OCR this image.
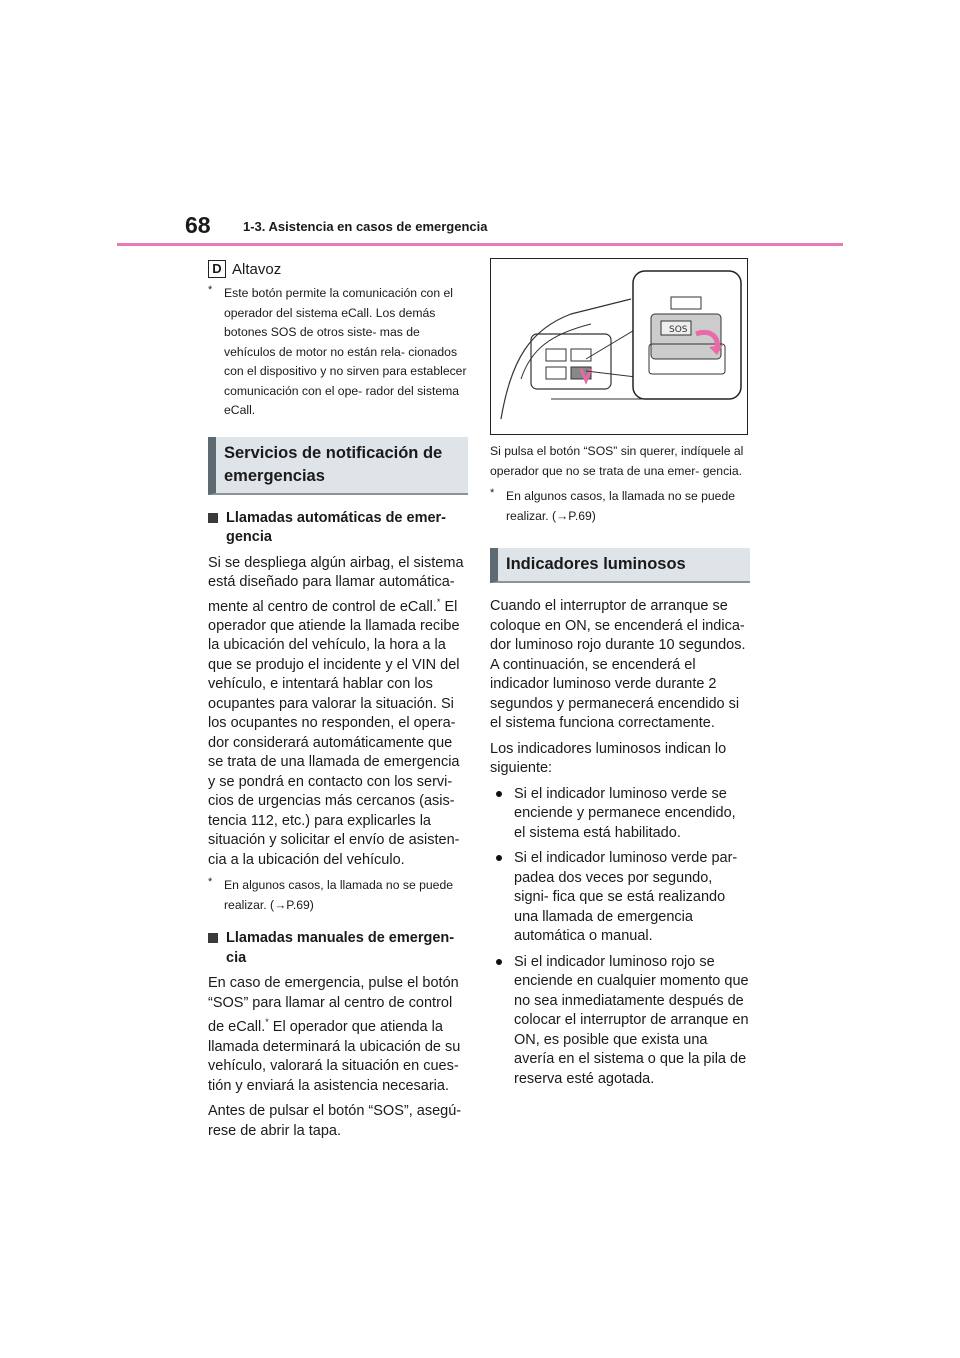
68 1-3. Asistencia en casos de emergencia
D Altavoz
* Este botón permite la comunicación con el operador del sistema eCall. Los demás botones SOS de otros siste- mas de vehículos de motor no están rela- cionados con el dispositivo y no sirven para establecer comunicación con el ope- rador del sistema eCall.
Servicios de notificación de emergencias
Llamadas automáticas de emer- gencia
Si se despliega algún airbag, el sistema está diseñado para llamar automática- mente al centro de control de eCall.* El operador que atiende la llamada recibe la ubicación del vehículo, la hora a la que se produjo el incidente y el VIN del vehículo, e intentará hablar con los ocupantes para valorar la situación. Si los ocupantes no responden, el opera- dor considerará automáticamente que se trata de una llamada de emergencia y se pondrá en contacto con los servi- cios de urgencias más cercanos (asis- tencia 112, etc.) para explicarles la situación y solicitar el envío de asisten- cia a la ubicación del vehículo.
* En algunos casos, la llamada no se puede realizar. (→P.69)
Llamadas manuales de emergen- cia
En caso de emergencia, pulse el botón “SOS” para llamar al centro de control de eCall.* El operador que atienda la llamada determinará la ubicación de su vehículo, valorará la situación en cues- tión y enviará la asistencia necesaria.
Antes de pulsar el botón “SOS”, asegú- rese de abrir la tapa.
SOS
Si pulsa el botón “SOS” sin querer, indíquele al operador que no se trata de una emer- gencia.
* En algunos casos, la llamada no se puede realizar. (→P.69)
Indicadores luminosos
Cuando el interruptor de arranque se coloque en ON, se encenderá el indica- dor luminoso rojo durante 10 segundos. A continuación, se encenderá el indicador luminoso verde durante 2 segundos y permanecerá encendido si el sistema funciona correctamente.
Los indicadores luminosos indican lo siguiente:
Si el indicador luminoso verde se enciende y permanece encendido, el sistema está habilitado.
Si el indicador luminoso verde par- padea dos veces por segundo, signi- fica que se está realizando una llamada de emergencia automática o manual.
Si el indicador luminoso rojo se enciende en cualquier momento que no sea inmediatamente después de colocar el interruptor de arranque en ON, es posible que exista una avería en el sistema o que la pila de reserva esté agotada.
